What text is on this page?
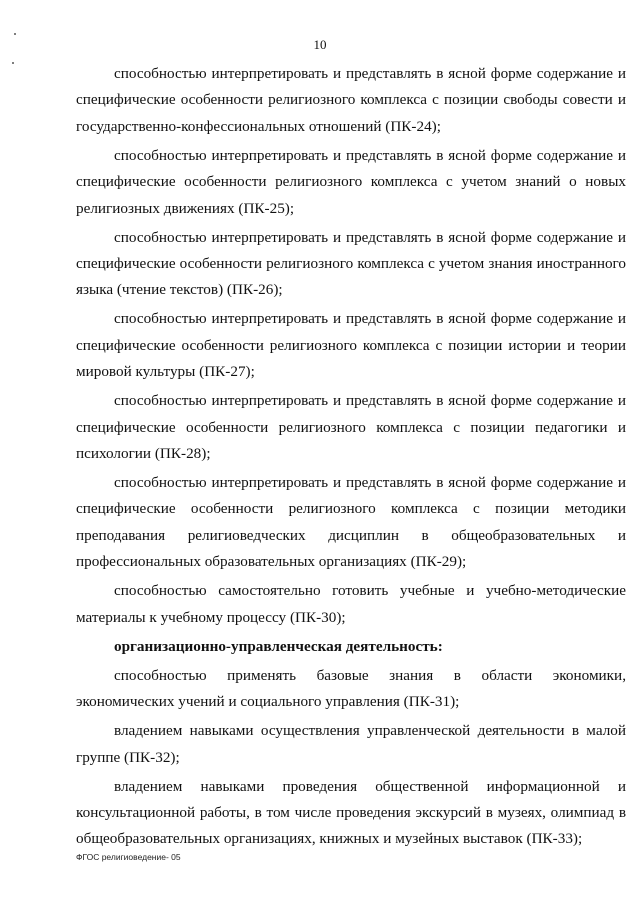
10

способностью интерпретировать и представлять в ясной форме содержание и специфические особенности религиозного комплекса с позиции свободы совести и государственно-конфессиональных отношений (ПК-24);

способностью интерпретировать и представлять в ясной форме содержание и специфические особенности религиозного комплекса с учетом знаний о новых религиозных движениях (ПК-25);

способностью интерпретировать и представлять в ясной форме содержание и специфические особенности религиозного комплекса с учетом знания иностранного языка (чтение текстов) (ПК-26);

способностью интерпретировать и представлять в ясной форме содержание и специфические особенности религиозного комплекса с позиции истории и теории мировой культуры (ПК-27);

способностью интерпретировать и представлять в ясной форме содержание и специфические особенности религиозного комплекса с позиции педагогики и психологии (ПК-28);

способностью интерпретировать и представлять в ясной форме содержание и специфические особенности религиозного комплекса с позиции методики преподавания религиоведческих дисциплин в общеобразовательных и профессиональных образовательных организациях (ПК-29);

способностью самостоятельно готовить учебные и учебно-методические материалы к учебному процессу (ПК-30);

организационно-управленческая деятельность:

способностью применять базовые знания в области экономики, экономических учений и социального управления (ПК-31);

владением навыками осуществления управленческой деятельности в малой группе (ПК-32);

владением навыками проведения общественной информационной и консультационной работы, в том числе проведения экскурсий в музеях, олимпиад в общеобразовательных организациях, книжных и музейных выставок (ПК-33);

ФГОС религиоведение- 05
